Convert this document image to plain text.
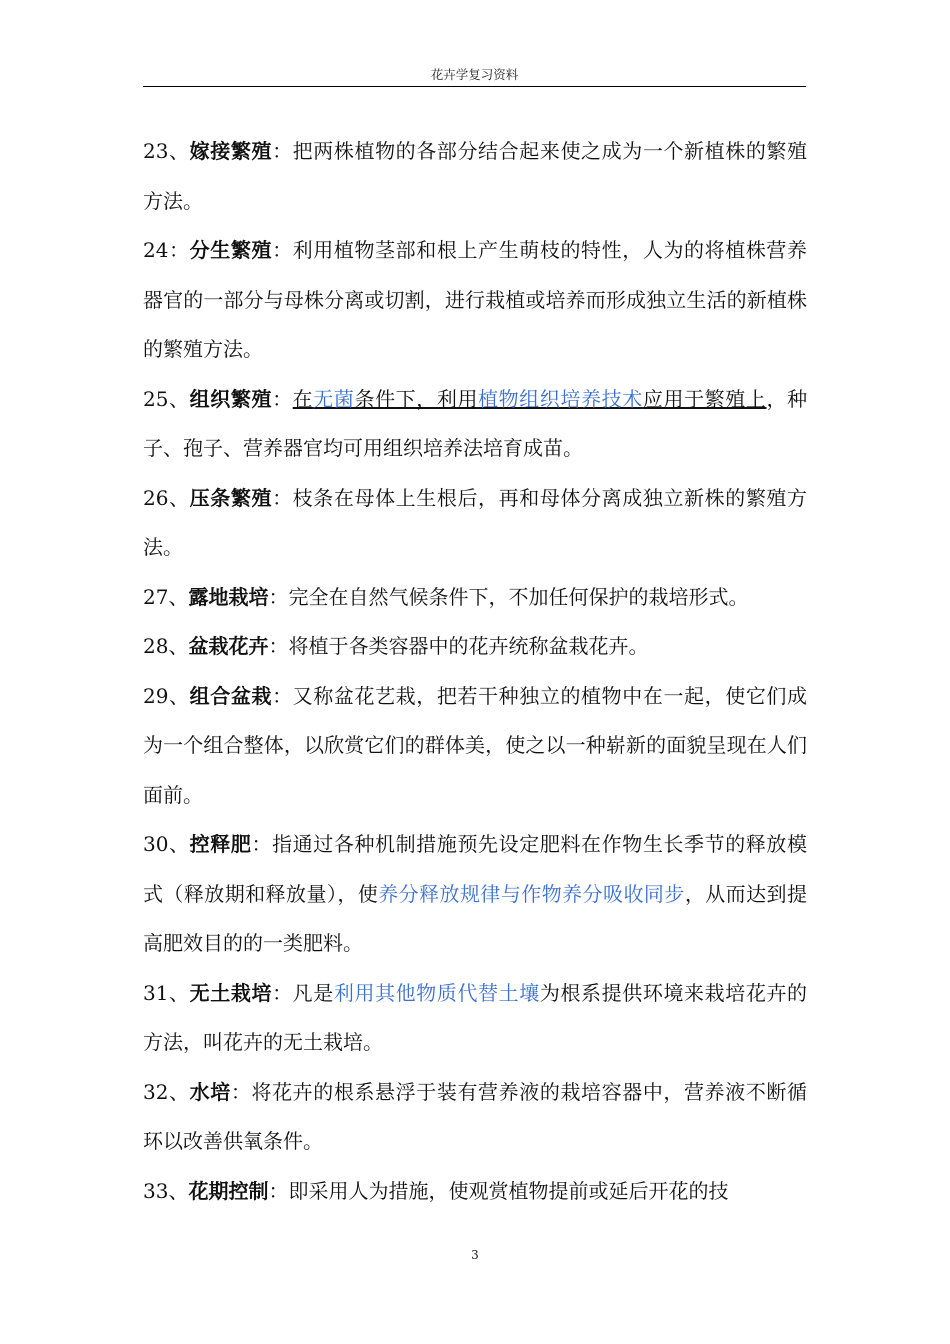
花卉学复习资料

23、嫁接繁殖：把两株植物的各部分结合起来使之成为一个新植株的繁殖方法。

24：分生繁殖：利用植物茎部和根上产生萌枝的特性，人为的将植株营养器官的一部分与母株分离或切割，进行栽植或培养而形成独立生活的新植株的繁殖方法。

25、组织繁殖：在无菌条件下，利用植物组织培养技术应用于繁殖上，种子、孢子、营养器官均可用组织培养法培育成苗。

26、压条繁殖：枝条在母体上生根后，再和母体分离成独立新株的繁殖方法。

27、露地栽培：完全在自然气候条件下，不加任何保护的栽培形式。

28、盆栽花卉：将植于各类容器中的花卉统称盆栽花卉。

29、组合盆栽：又称盆花艺栽，把若干种独立的植物中在一起，使它们成为一个组合整体，以欣赏它们的群体美，使之以一种崭新的面貌呈现在人们面前。

30、控释肥：指通过各种机制措施预先设定肥料在作物生长季节的释放模式（释放期和释放量），使养分释放规律与作物养分吸收同步，从而达到提高肥效目的的一类肥料。

31、无土栽培：凡是利用其他物质代替土壤为根系提供环境来栽培花卉的方法，叫花卉的无土栽培。

32、水培：将花卉的根系悬浮于装有营养液的栽培容器中，营养液不断循环以改善供氧条件。

33、花期控制：即采用人为措施，使观赏植物提前或延后开花的技

3
